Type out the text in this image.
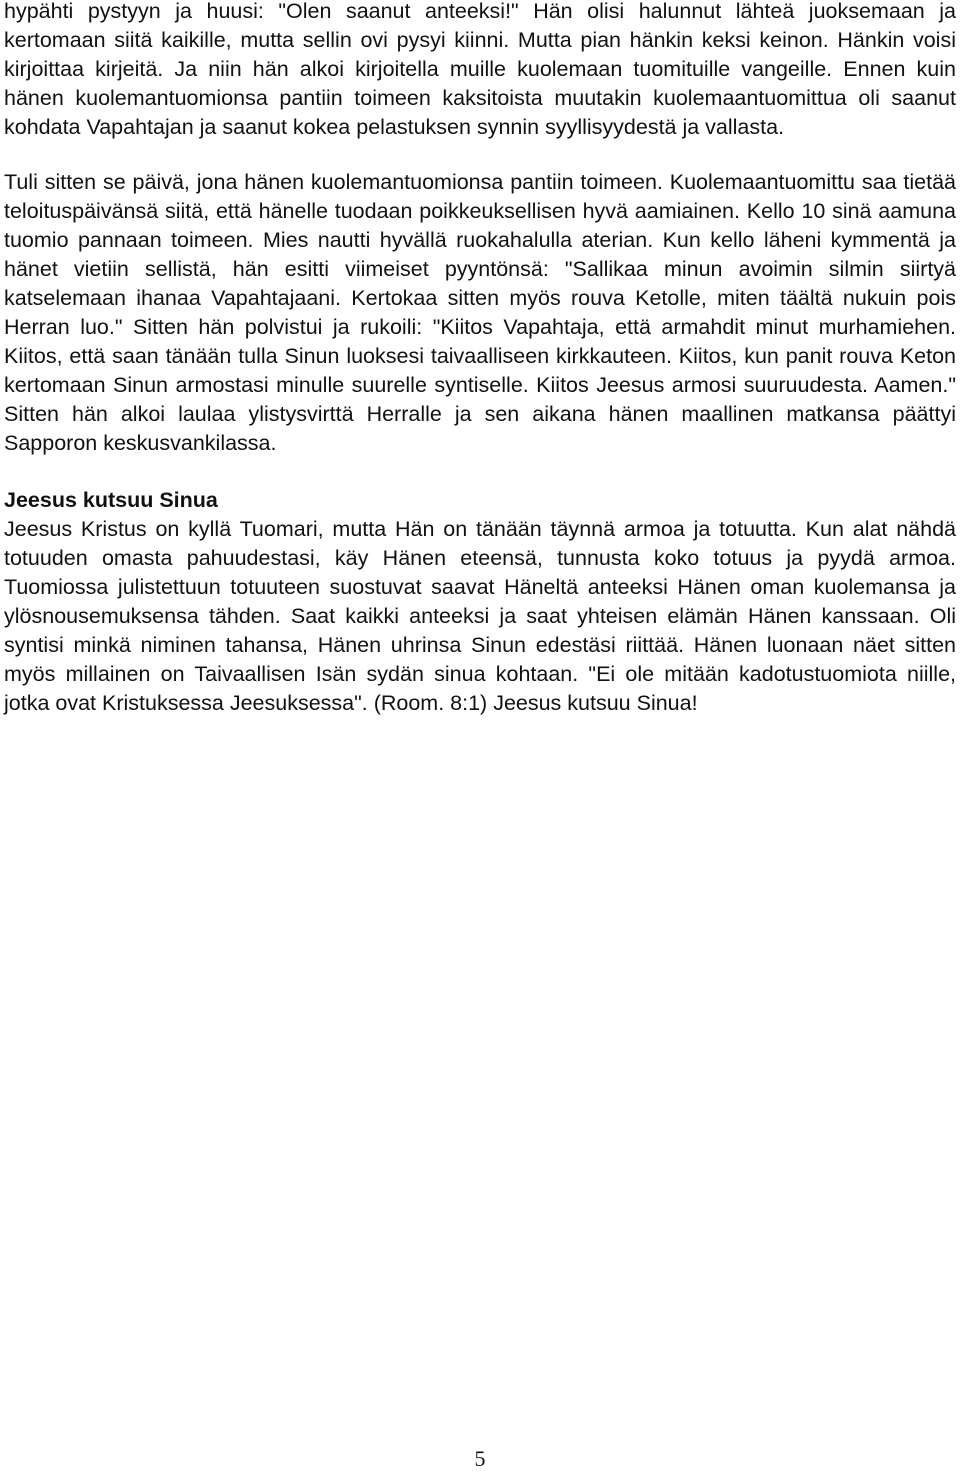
hypähti pystyyn ja huusi: "Olen saanut anteeksi!" Hän olisi halunnut lähteä juoksemaan ja kertomaan siitä kaikille, mutta sellin ovi pysyi kiinni. Mutta pian hänkin keksi keinon. Hänkin voisi kirjoittaa kirjeitä. Ja niin hän alkoi kirjoitella muille kuolemaan tuomituille vangeille. Ennen kuin hänen kuolemantuomionsa pantiin toimeen kaksitoista muutakin kuolemaantuomittua oli saanut kohdata Vapahtajan ja saanut kokea pelastuksen synnin syyllisyydestä ja vallasta.

Tuli sitten se päivä, jona hänen kuolemantuomionsa pantiin toimeen. Kuolemaantuomittu saa tietää teloituspäivänsä siitä, että hänelle tuodaan poikkeuksellisen hyvä aamiainen. Kello 10 sinä aamuna tuomio pannaan toimeen. Mies nautti hyvällä ruokahalulla aterian. Kun kello läheni kymmentä ja hänet vietiin sellistä, hän esitti viimeiset pyyntönsä: "Sallikaa minun avoimin silmin siirtyä katselemaan ihanaa Vapahtajaani. Kertokaa sitten myös rouva Ketolle, miten täältä nukuin pois Herran luo." Sitten hän polvistui ja rukoili: "Kiitos Vapahtaja, että armahdit minut murhamiehen. Kiitos, että saan tänään tulla Sinun luoksesi taivaalliseen kirkkauteen. Kiitos, kun panit rouva Keton kertomaan Sinun armostasi minulle suurelle syntiselle. Kiitos Jeesus armosi suuruudesta. Aamen." Sitten hän alkoi laulaa ylistysvirttä Herralle ja sen aikana hänen maallinen matkansa päättyi Sapporon keskusvankilassa.

Jeesus kutsuu Sinua

Jeesus Kristus on kyllä Tuomari, mutta Hän on tänään täynnä armoa ja totuutta. Kun alat nähdä totuuden omasta pahuudestasi, käy Hänen eteensä, tunnusta koko totuus ja pyydä armoa. Tuomiossa julistettuun totuuteen suostuvat saavat Häneltä anteeksi Hänen oman kuolemansa ja ylösnousemuksensa tähden. Saat kaikki anteeksi ja saat yhteisen elämän Hänen kanssaan. Oli syntisi minkä niminen tahansa, Hänen uhrinsa Sinun edestäsi riittää. Hänen luonaan näet sitten myös millainen on Taivaallisen Isän sydän sinua kohtaan. "Ei ole mitään kadotustuomiota niille, jotka ovat Kristuksessa Jeesuksessa". (Room. 8:1) Jeesus kutsuu Sinua!

5
